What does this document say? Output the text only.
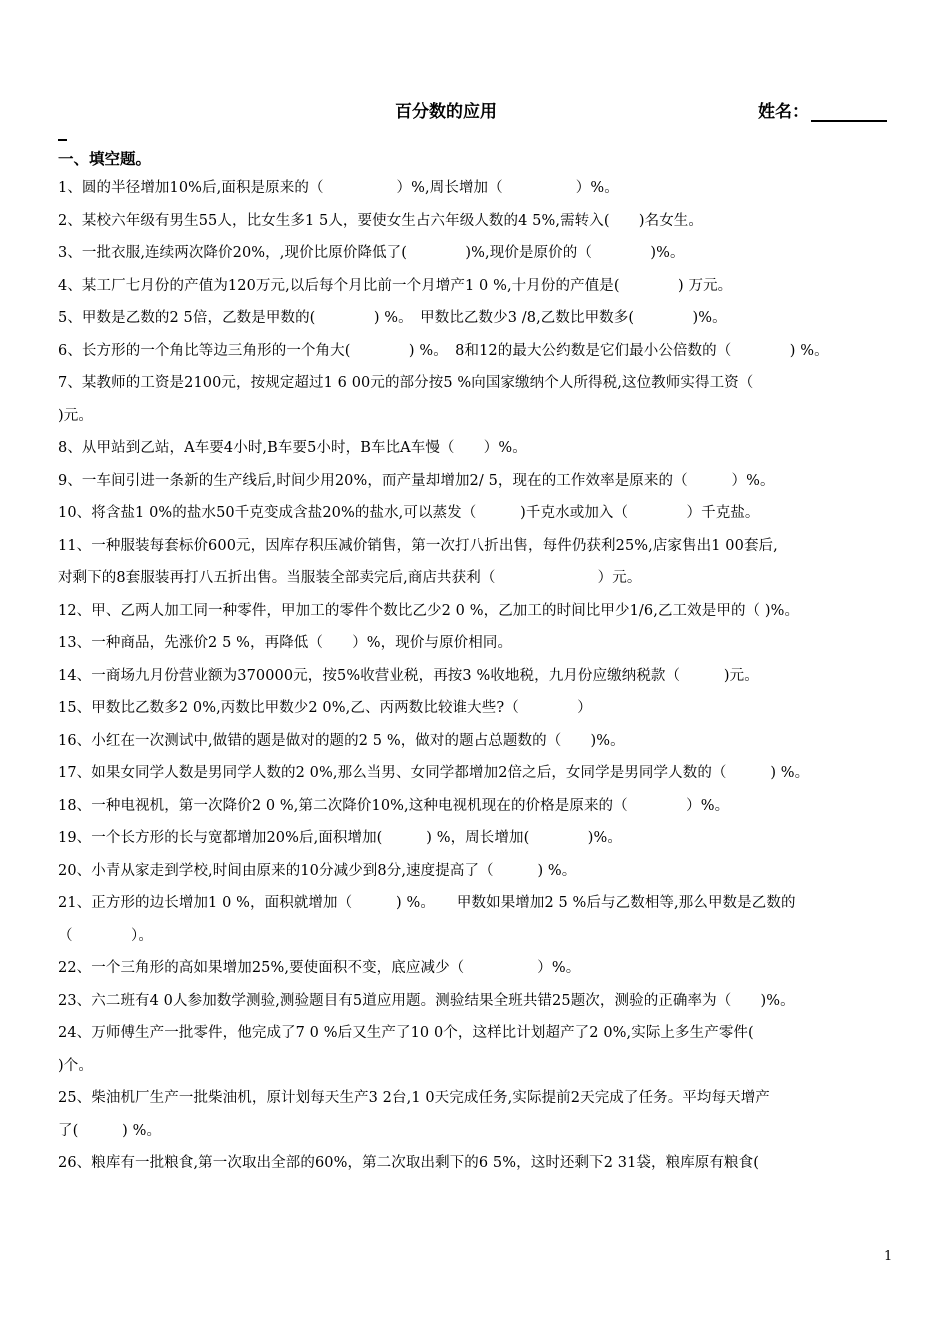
百分数的应用	姓名：
一、填空题。
1、圆的半径增加10%后,面积是原来的（　　　　　）%,周长增加（　　　　　）%。
2、某校六年级有男生55人，比女生多1 5人，要使女生占六年级人数的4 5%,需转入(　　)名女生。
3、一批衣服,连续两次降价20%，,现价比原价降低了(　　　　)%,现价是原价的（　　　　)%。
4、某工厂七月份的产值为120万元,以后每个月比前一个月增产1 0 %,十月份的产值是(　　　　) 万元。
5、甲数是乙数的2 5倍，乙数是甲数的(　　　　) %。　甲数比乙数少3 /8,乙数比甲数多(　　　　)%。
6、长方形的一个角比等边三角形的一个角大(　　　　) %。　8和12的最大公约数是它们最小公倍数的（　　　　) %。
7、某教师的工资是2100元，按规定超过1 6 00元的部分按5 %向国家缴纳个人所得税,这位教师实得工资（
)元。
8、从甲站到乙站，A车要4小时,B车要5小时，B车比A车慢（　　）%。
9、一车间引进一条新的生产线后,时间少用20%，而产量却增加2/ 5，现在的工作效率是原来的（　　　）%。
10、将含盐1 0%的盐水50千克变成含盐20%的盐水,可以蒸发（　　　)千克水或加入（　　　　）千克盐。
11、一种服装每套标价600元，因库存积压减价销售，第一次打八折出售，每件仍获利25%,店家售出1 00套后,
对剩下的8套服装再打八五折出售。当服装全部卖完后,商店共获利（　　　　　　　）元。
12、甲、乙两人加工同一种零件，甲加工的零件个数比乙少2 0 %，乙加工的时间比甲少1/6,乙工效是甲的（ )%。
13、一种商品，先涨价2 5 %，再降低（　　）%，现价与原价相同。
14、一商场九月份营业额为370000元，按5%收营业税，再按3 %收地税，九月份应缴纳税款（　　　)元。
15、甲数比乙数多2 0%,丙数比甲数少2 0%,乙、丙两数比较谁大些?（　　　　）
16、小红在一次测试中,做错的题是做对的题的2 5 %，做对的题占总题数的（　　)%。
17、如果女同学人数是男同学人数的2 0%,那么当男、女同学都增加2倍之后，女同学是男同学人数的（　　　) %。
18、一种电视机，第一次降价2 0 %,第二次降价10%,这种电视机现在的价格是原来的（　　　　）%。
19、一个长方形的长与宽都增加20%后,面积增加(　　　) %，周长增加(　　　　)%。
20、小青从家走到学校,时间由原来的10分减少到8分,速度提高了（　　　) %。
21、正方形的边长增加1 0 %，面积就增加（　　　) %。　　甲数如果增加2 5 %后与乙数相等,那么甲数是乙数的
（　　　　）。
22、一个三角形的高如果增加25%,要使面积不变，底应减少（　　　　　）%。
23、六二班有4 0人参加数学测验,测验题目有5道应用题。测验结果全班共错25题次，测验的正确率为（　　)%。
24、万师傅生产一批零件，他完成了7 0 %后又生产了10 0个，这样比计划超产了2 0%,实际上多生产零件(
)个。
25、柴油机厂生产一批柴油机，原计划每天生产3 2台,1 0天完成任务,实际提前2天完成了任务。平均每天增产
了(　　　) %。
26、粮库有一批粮食,第一次取出全部的60%，第二次取出剩下的6 5%，这时还剩下2 31袋，粮库原有粮食(
1
